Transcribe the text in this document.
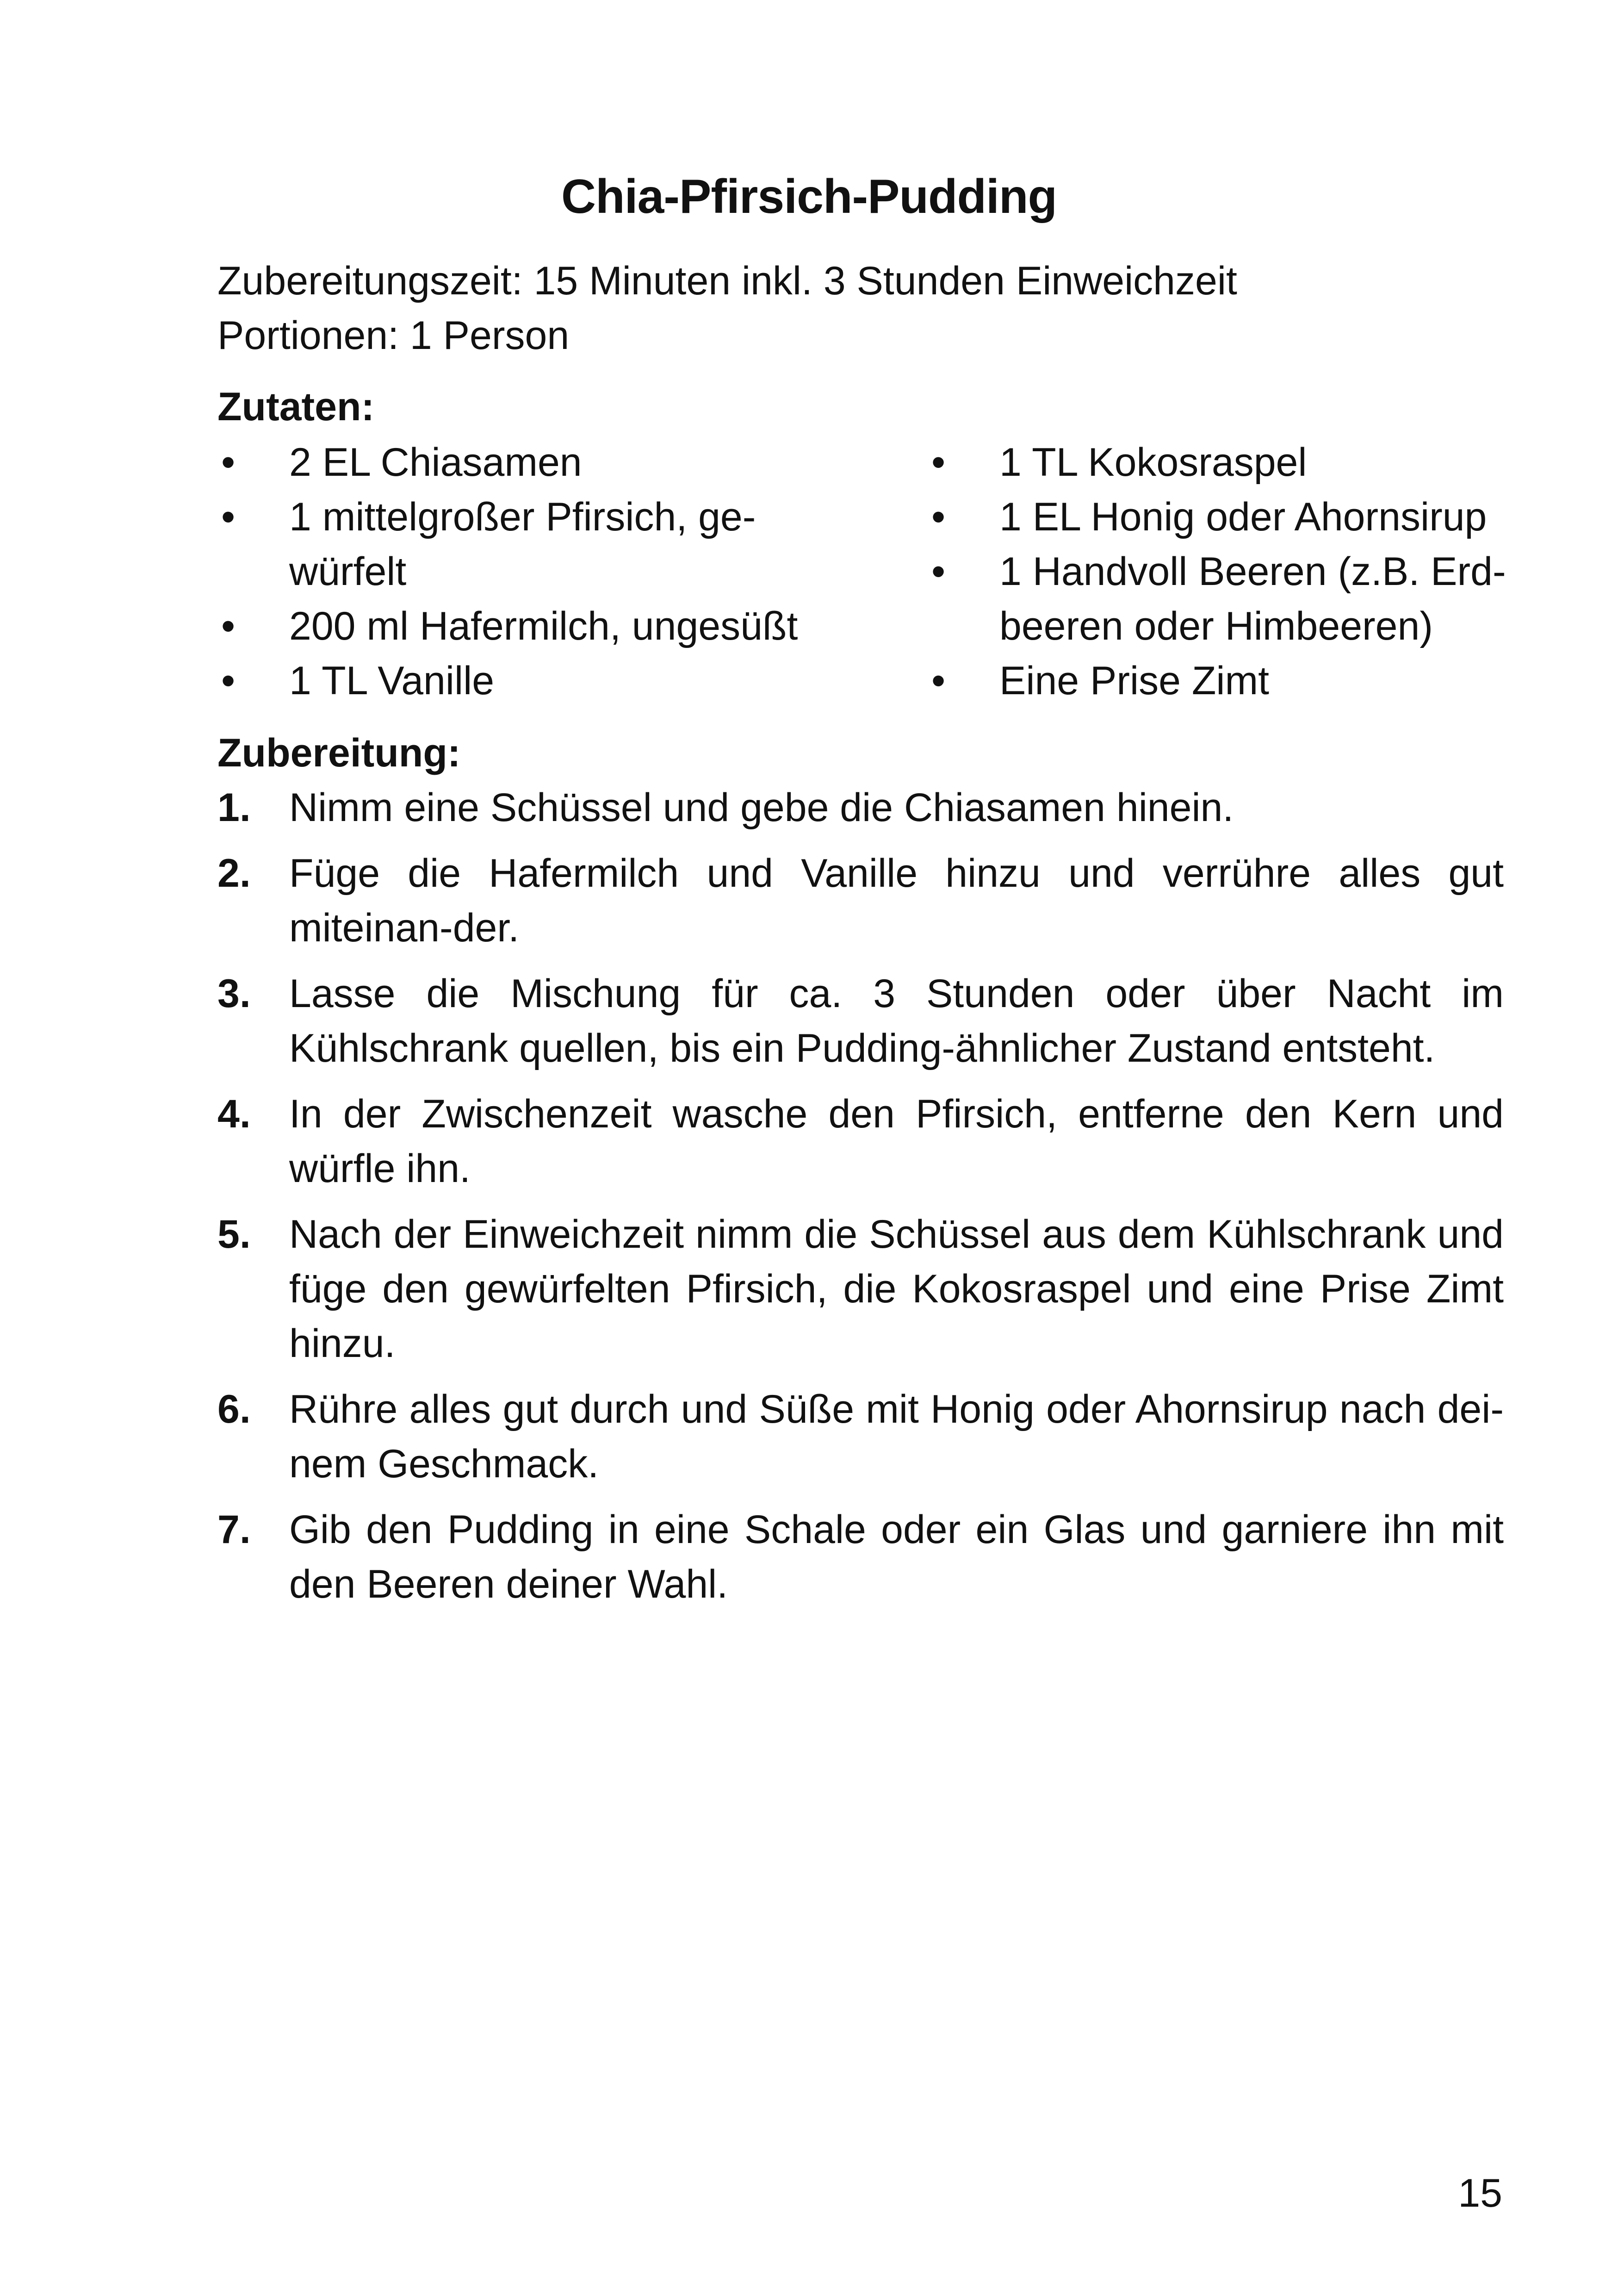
Chia-Pfirsich-Pudding
Zubereitungszeit: 15 Minuten inkl. 3 Stunden Einweichzeit
Portionen: 1 Person
Zutaten:
•	2 EL Chiasamen
•	1 mittelgroßer Pfirsich, ge-würfelt
•	200 ml Hafermilch, ungesüßt
•	1 TL Vanille
•	1 TL Kokosraspel
•	1 EL Honig oder Ahornsirup
•	1 Handvoll Beeren (z.B. Erd-beeren oder Himbeeren)
•	Eine Prise Zimt
Zubereitung:
1. Nimm eine Schüssel und gebe die Chiasamen hinein.
2. Füge die Hafermilch und Vanille hinzu und verrühre alles gut miteinan-der.
3. Lasse die Mischung für ca. 3 Stunden oder über Nacht im Kühlschrank quellen, bis ein Pudding-ähnlicher Zustand entsteht.
4. In der Zwischenzeit wasche den Pfirsich, entferne den Kern und würfle ihn.
5. Nach der Einweichzeit nimm die Schüssel aus dem Kühlschrank und füge den gewürfelten Pfirsich, die Kokosraspel und eine Prise Zimt hinzu.
6. Rühre alles gut durch und Süße mit Honig oder Ahornsirup nach dei-nem Geschmack.
7. Gib den Pudding in eine Schale oder ein Glas und garniere ihn mit den Beeren deiner Wahl.
15
